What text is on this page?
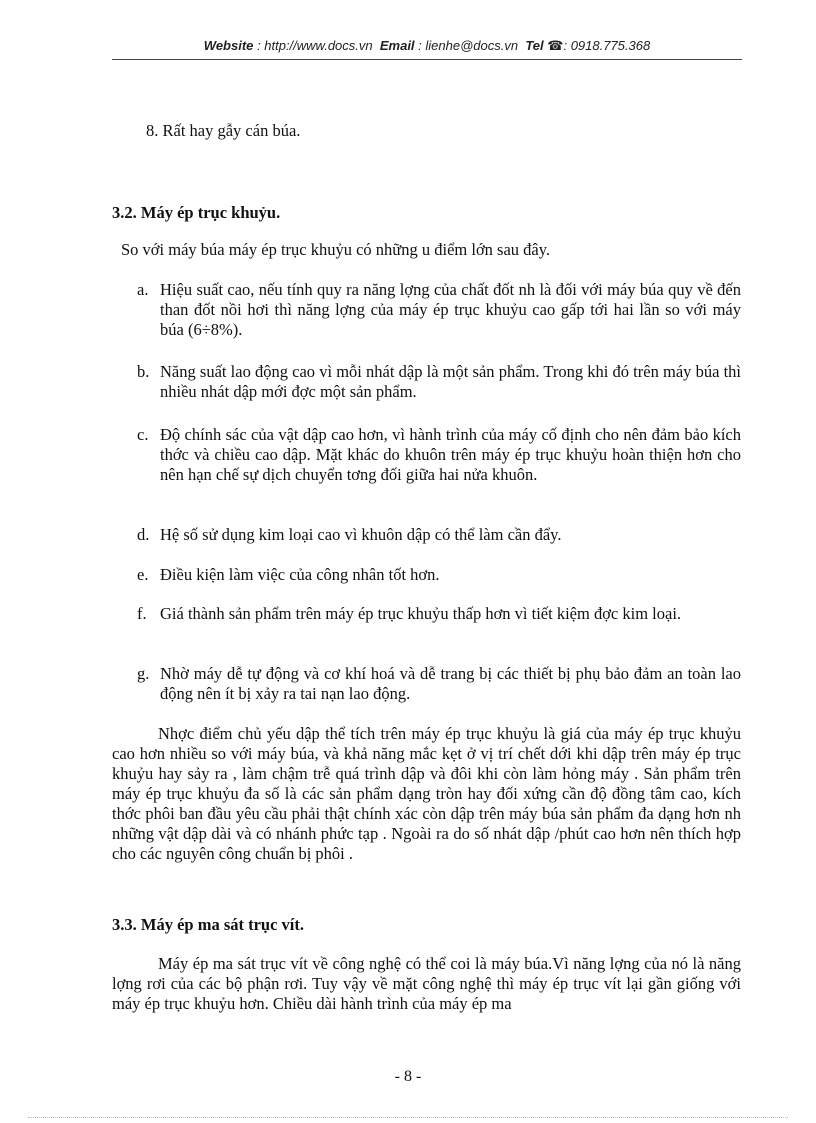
Website : http://www.docs.vn Email : lienhe@docs.vn Tel ☎: 0918.775.368
8. Rất hay gẫy cán búa.
3.2. Máy ép trục khuỷu.
So với máy búa máy ép trục khuỷu có những u điểm lớn sau đây.
a. Hiệu suất cao, nếu tính quy ra năng lợng của chất đốt nh là đối với máy búa quy về đến than đốt nồi hơi thì năng lợng của máy ép trục khuỷu cao gấp tới hai lần so với máy búa (6÷8%).
b. Năng suất lao động cao vì mỗi nhát dập là một sản phẩm. Trong khi đó trên máy búa thì nhiều nhát dập mới đợc một sản phẩm.
c. Độ chính sác của vật dập cao hơn, vì hành trình của máy cố định cho nên đảm bảo kích thớc và chiều cao dập. Mặt khác do khuôn trên máy ép trục khuỷu hoàn thiện hơn cho nên hạn chế sự dịch chuyển tơng đối giữa hai nửa khuôn.
d. Hệ số sử dụng kim loại cao vì khuôn dập có thể làm cần đẩy.
e. Điều kiện làm việc của công nhân tốt hơn.
f. Giá thành sản phẩm trên máy ép trục khuỷu thấp hơn vì tiết kiệm đợc kim loại.
g. Nhờ máy dễ tự động và cơ khí hoá và dễ trang bị các thiết bị phụ bảo đảm an toàn lao động nên ít bị xảy ra tai nạn lao động.
Nhợc điểm chủ yếu dập thể tích trên máy ép trục khuỷu là giá của máy ép trục khuỷu cao hơn nhiều so với máy búa, và khả năng mắc kẹt ở vị trí chết dới khi dập trên máy ép trục khuỷu hay sảy ra , làm chậm trễ quá trình dập và đôi khi còn làm hỏng máy . Sản phẩm trên máy ép trục khuỷu đa số là các sản phẩm dạng tròn hay đối xứng cần độ đồng tâm cao, kích thớc phôi ban đầu yêu cầu phải thật chính xác còn dập trên máy búa sản phẩm đa dạng hơn nh những vật dập dài và có nhánh phức tạp . Ngoài ra do số nhát dập /phút cao hơn nên thích hợp cho các nguyên công chuẩn bị phôi .
3.3. Máy ép ma sát trục vít.
Máy ép ma sát trục vít về công nghệ có thể coi là máy búa.Vì năng lợng của nó là năng lợng rơi của các bộ phận rơi. Tuy vậy về mặt công nghệ thì máy ép trục vít lại gần giống với máy ép trục khuỷu hơn. Chiều dài hành trình của máy ép ma
- 8 -
